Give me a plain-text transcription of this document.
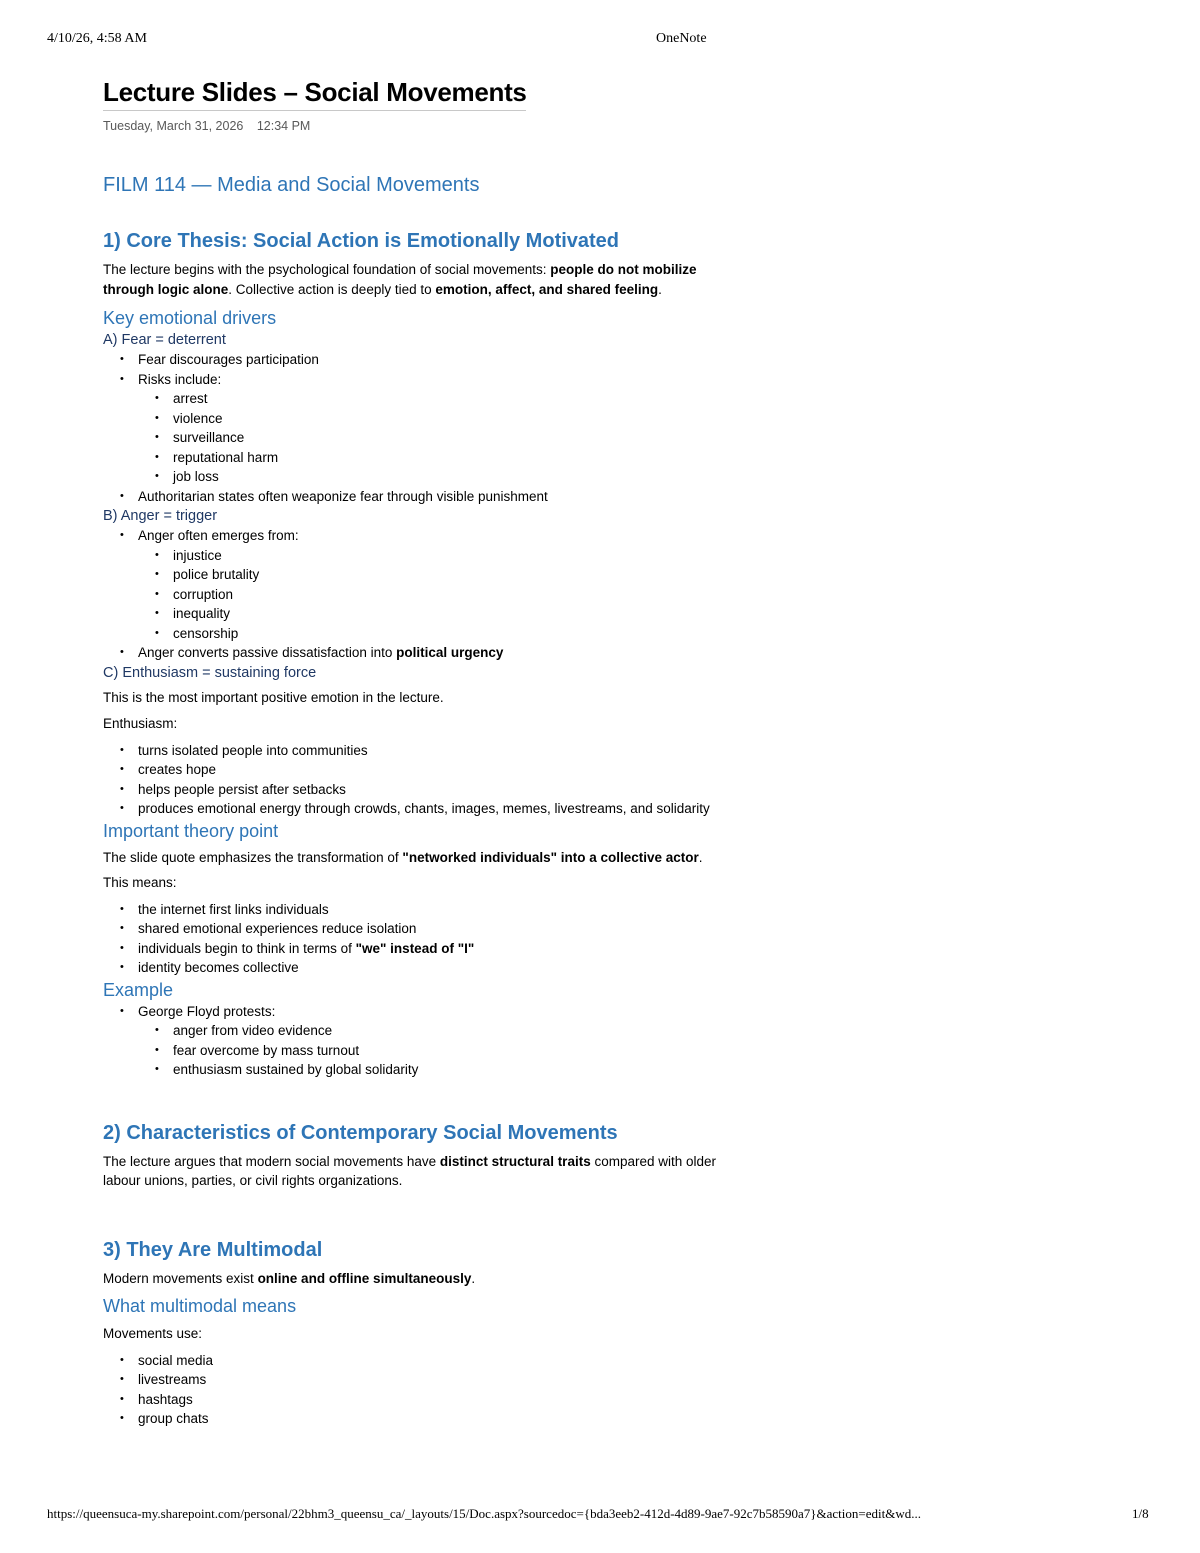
4/10/26, 4:58 AM	OneNote
https://queensuca-my.sharepoint.com/personal/22bhm3_queensu_ca/_layouts/15/Doc.aspx?sourcedoc={bda3eeb2-412d-4d89-9ae7-92c7b58590a7}&action=edit&wd...	1/8
Lecture Slides – Social Movements
Tuesday, March 31, 2026 12:34 PM
FILM 114 — Media and Social Movements
1) Core Thesis: Social Action is Emotionally Motivated

The lecture begins with the psychological foundation of social movements: people do not mobilize through logic alone. Collective action is deeply tied to emotion, affect, and shared feeling.

Key emotional drivers
A) Fear = deterrent
• Fear discourages participation
• Risks include:
• arrest
• violence
• surveillance
• reputational harm
• job loss
• Authoritarian states often weaponize fear through visible punishment
B) Anger = trigger
• Anger often emerges from:
• injustice
• police brutality
• corruption
• inequality
• censorship
• Anger converts passive dissatisfaction into political urgency
C) Enthusiasm = sustaining force

This is the most important positive emotion in the lecture.

Enthusiasm:

• turns isolated people into communities
• creates hope
• helps people persist after setbacks
• produces emotional energy through crowds, chants, images, memes, livestreams, and solidarity
Important theory point

The slide quote emphasizes the transformation of "networked individuals" into a collective actor.

This means:

• the internet first links individuals
• shared emotional experiences reduce isolation
• individuals begin to think in terms of "we" instead of "I"
• identity becomes collective
Example
• George Floyd protests:
• anger from video evidence
• fear overcome by mass turnout
• enthusiasm sustained by global solidarity
2) Characteristics of Contemporary Social Movements

The lecture argues that modern social movements have distinct structural traits compared with older labour unions, parties, or civil rights organizations.

3) They Are Multimodal

Modern movements exist online and offline simultaneously.

What multimodal means

Movements use:

• social media
• livestreams
• hashtags
• group chats
